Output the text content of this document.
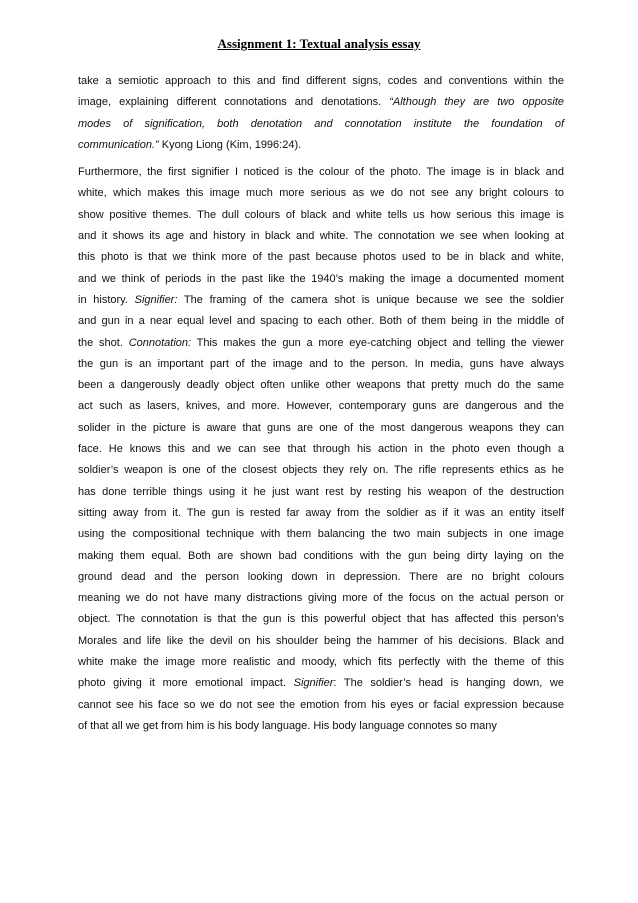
Assignment 1: Textual analysis essay
take a semiotic approach to this and find different signs, codes and conventions within the
image, explaining different connotations and denotations. “Although they are two opposite
modes of signification, both denotation and connotation institute the foundation of
communication.” Kyong Liong (Kim, 1996:24).
Furthermore, the first signifier I noticed is the colour of the photo. The image is in black and
white, which makes this image much more serious as we do not see any bright colours to
show positive themes. The dull colours of black and white tells us how serious this image is
and it shows its age and history in black and white. The connotation we see when looking at
this photo is that we think more of the past because photos used to be in black and white,
and we think of periods in the past like the 1940’s making the image a documented moment
in history. Signifier: The framing of the camera shot is unique because we see the soldier
and gun in a near equal level and spacing to each other. Both of them being in the middle of
the shot. Connotation: This makes the gun a more eye-catching object and telling the viewer
the gun is an important part of the image and to the person. In media, guns have always
been a dangerously deadly object often unlike other weapons that pretty much do the same
act such as lasers, knives, and more. However, contemporary guns are dangerous and the
solider in the picture is aware that guns are one of the most dangerous weapons they can
face. He knows this and we can see that through his action in the photo even though a
soldier’s weapon is one of the closest objects they rely on. The rifle represents ethics as he
has done terrible things using it he just want rest by resting his weapon of the destruction
sitting away from it. The gun is rested far away from the soldier as if it was an entity itself
using the compositional technique with them balancing the two main subjects in one image
making them equal. Both are shown bad conditions with the gun being dirty laying on the
ground dead and the person looking down in depression. There are no bright colours
meaning we do not have many distractions giving more of the focus on the actual person or
object. The connotation is that the gun is this powerful object that has affected this person’s
Morales and life like the devil on his shoulder being the hammer of his decisions. Black and
white make the image more realistic and moody, which fits perfectly with the theme of this
photo giving it more emotional impact. Signifier: The soldier’s head is hanging down, we
cannot see his face so we do not see the emotion from his eyes or facial expression because
of that all we get from him is his body language. His body language connotes so many
